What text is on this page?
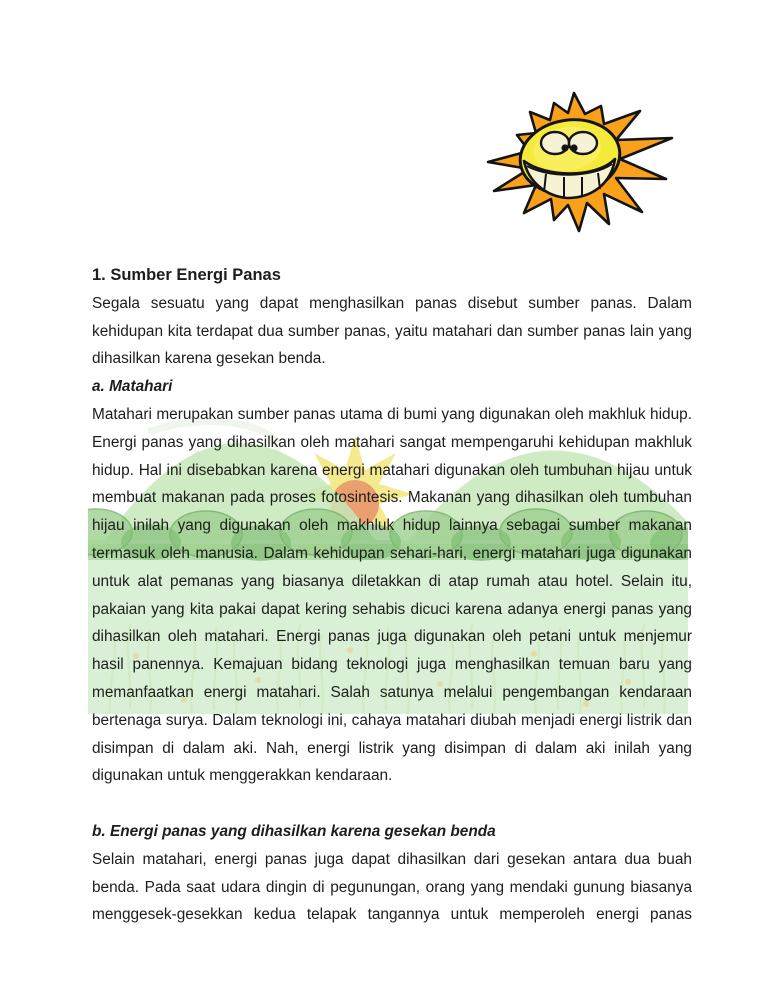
1. Sumber Energi Panas

Segala sesuatu yang dapat menghasilkan panas disebut sumber panas. Dalam kehidupan kita terdapat dua sumber panas, yaitu matahari dan sumber panas lain yang dihasilkan karena gesekan benda.

a. Matahari

Matahari merupakan sumber panas utama di bumi yang digunakan oleh makhluk hidup. Energi panas yang dihasilkan oleh matahari sangat mempengaruhi kehidupan makhluk hidup. Hal ini disebabkan karena energi matahari digunakan oleh tumbuhan hijau untuk membuat makanan pada proses fotosintesis. Makanan yang dihasilkan oleh tumbuhan hijau inilah yang digunakan oleh makhluk hidup lainnya sebagai sumber makanan termasuk oleh manusia. Dalam kehidupan sehari-hari, energi matahari juga digunakan untuk alat pemanas yang biasanya diletakkan di atap rumah atau hotel. Selain itu, pakaian yang kita pakai dapat kering sehabis dicuci karena adanya energi panas yang dihasilkan oleh matahari. Energi panas juga digunakan oleh petani untuk menjemur hasil panennya. Kemajuan bidang teknologi juga menghasilkan temuan baru yang memanfaatkan energi matahari. Salah satunya melalui pengembangan kendaraan bertenaga surya. Dalam teknologi ini, cahaya matahari diubah menjadi energi listrik dan disimpan di dalam aki. Nah, energi listrik yang disimpan di dalam aki inilah yang digunakan untuk menggerakkan kendaraan.

b. Energi panas yang dihasilkan karena gesekan benda

Selain matahari, energi panas juga dapat dihasilkan dari gesekan antara dua buah benda. Pada saat udara dingin di pegunungan, orang yang mendaki gunung biasanya menggesek-gesekkan kedua telapak tangannya untuk memperoleh energi panas
